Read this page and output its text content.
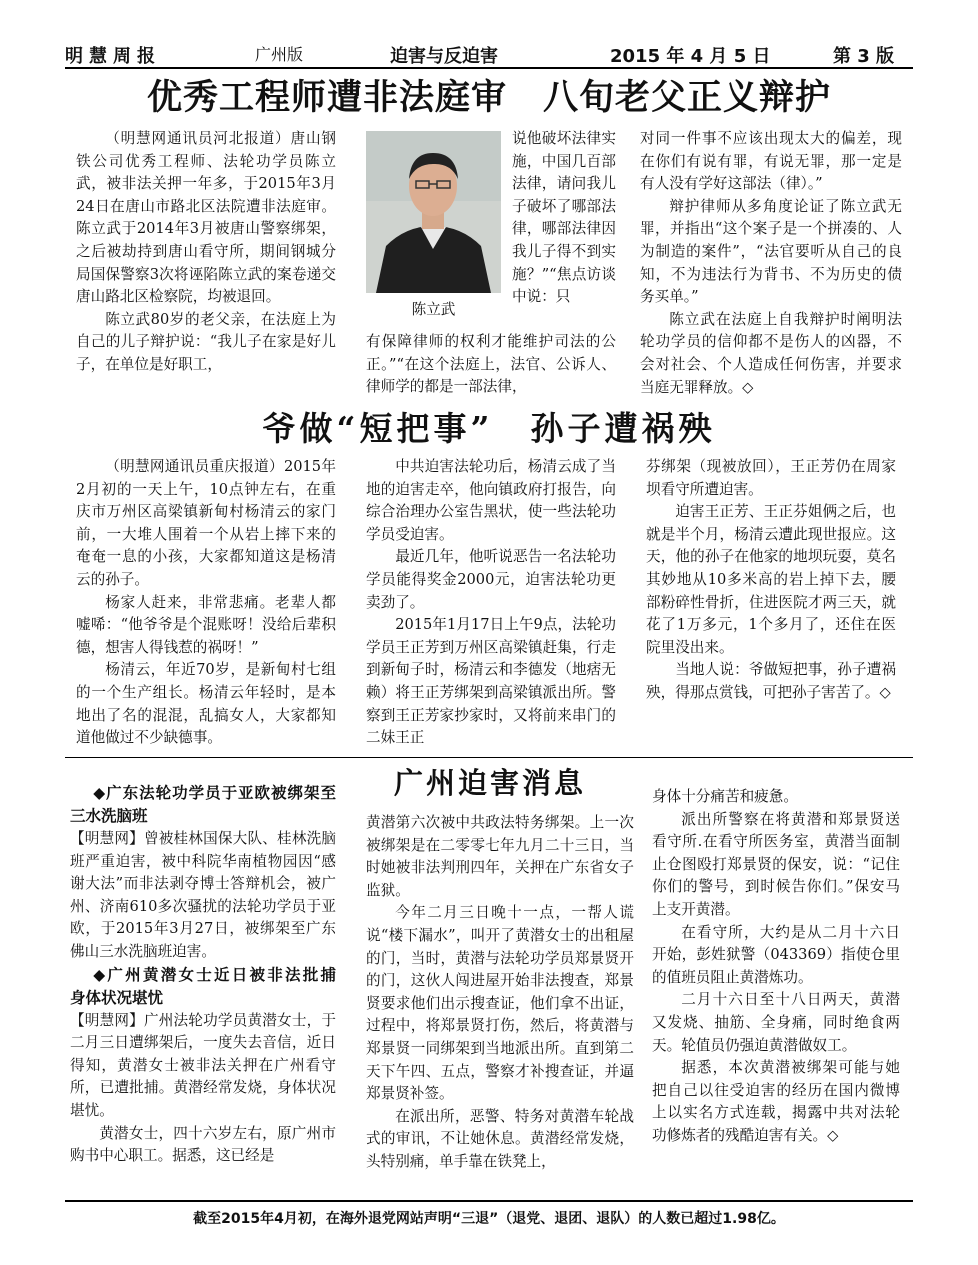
明慧周报	广州版	迫害与反迫害	2015 年 4 月 5 日	第 3 版
优秀工程师遭非法庭审　八旬老父正义辩护

（明慧网通讯员河北报道）唐山钢铁公司优秀工程师、法轮功学员陈立武，被非法关押一年多，于2015年3月24日在唐山市路北区法院遭非法庭审。陈立武于2014年3月被唐山警察绑架，之后被劫持到唐山看守所，期间钢城分局国保警察3次将诬陷陈立武的案卷递交唐山路北区检察院，均被退回。

陈立武80岁的老父亲，在法庭上为自己的儿子辩护说：“我儿子在家是好儿子，在单位是好职工，

陈立武

说他破坏法律实施，中国几百部法律，请问我儿子破坏了哪部法律，哪部法律因我儿子得不到实施？”“焦点访谈中说：只

有保障律师的权利才能维护司法的公正。”“在这个法庭上，法官、公诉人、律师学的都是一部法律，

对同一件事不应该出现太大的偏差，现在你们有说有罪，有说无罪，那一定是有人没有学好这部法（律）。”

辩护律师从多角度论证了陈立武无罪，并指出“这个案子是一个拼凑的、人为制造的案件”，“法官要听从自己的良知，不为违法行为背书、不为历史的债务买单。”

陈立武在法庭上自我辩护时阐明法轮功学员的信仰都不是伤人的凶器，不会对社会、个人造成任何伤害，并要求当庭无罪释放。◇

爷做“短把事”　孙子遭祸殃

（明慧网通讯员重庆报道）2015年2月初的一天上午，10点钟左右，在重庆市万州区高梁镇新甸村杨清云的家门前，一大堆人围着一个从岩上摔下来的奄奄一息的小孩，大家都知道这是杨清云的孙子。

杨家人赶来，非常悲痛。老辈人都嘘唏：“他爷爷是个混账呀！没给后辈积德，想害人得钱惹的祸呀！”

杨清云，年近70岁，是新甸村七组的一个生产组长。杨清云年轻时，是本地出了名的混混，乱搞女人，大家都知道他做过不少缺德事。

中共迫害法轮功后，杨清云成了当地的迫害走卒，他向镇政府打报告，向综合治理办公室告黑状，使一些法轮功学员受迫害。

最近几年，他听说恶告一名法轮功学员能得奖金2000元，迫害法轮功更卖劲了。

2015年1月17日上午9点，法轮功学员王正芳到万州区高梁镇赶集，行走到新甸子时，杨清云和李德发（地痞无赖）将王正芳绑架到高梁镇派出所。警察到王正芳家抄家时，又将前来串门的二妹王正

芬绑架（现被放回），王正芳仍在周家坝看守所遭迫害。

迫害王正芳、王正芬姐俩之后，也就是半个月，杨清云遭此现世报应。这天，他的孙子在他家的地坝玩耍，莫名其妙地从10多米高的岩上掉下去，腰部粉碎性骨折，住进医院才两三天，就花了1万多元，1个多月了，还住在医院里没出来。

当地人说：爷做短把事，孙子遭祸殃，得那点赏钱，可把孙子害苦了。◇

◆广东法轮功学员于亚欧被绑架至三水洗脑班

【明慧网】曾被桂林国保大队、桂林洗脑班严重迫害，被中科院华南植物园因“感谢大法”而非法剥夺博士答辩机会，被广州、济南610多次骚扰的法轮功学员于亚欧，于2015年3月27日，被绑架至广东佛山三水洗脑班迫害。

◆广州黄潜女士近日被非法批捕　身体状况堪忧

【明慧网】广州法轮功学员黄潜女士，于二月三日遭绑架后，一度失去音信，近日得知，黄潜女士被非法关押在广州看守所，已遭批捕。黄潜经常发烧，身体状况堪忧。

黄潜女士，四十六岁左右，原广州市购书中心职工。据悉，这已经是

广州迫害消息

黄潜第六次被中共政法特务绑架。上一次被绑架是在二零零七年九月二十三日，当时她被非法判刑四年，关押在广东省女子监狱。

今年二月三日晚十一点，一帮人谎说“楼下漏水”，叫开了黄潜女士的出租屋的门，当时，黄潜与法轮功学员郑景贤开的门，这伙人闯进屋开始非法搜查，郑景贤要求他们出示搜查证，他们拿不出证，过程中，将郑景贤打伤，然后，将黄潜与郑景贤一同绑架到当地派出所。直到第二天下午四、五点，警察才补搜查证，并逼郑景贤补签。

在派出所，恶警、特务对黄潜车轮战式的审讯，不让她休息。黄潜经常发烧，头特别痛，单手靠在铁凳上，

身体十分痛苦和疲惫。

派出所警察在将黄潜和郑景贤送看守所.在看守所医务室，黄潜当面制止仓图殴打郑景贤的保安，说：“记住你们的警号，到时候告你们。”保安马上支开黄潜。

在看守所，大约是从二月十六日开始，彭姓狱警（043369）指使仓里的值班员阻止黄潜炼功。

二月十六日至十八日两天，黄潜又发烧、抽筋、全身痛，同时绝食两天。轮值员仍强迫黄潜做奴工。

据悉，本次黄潜被绑架可能与她把自己以往受迫害的经历在国内微博上以实名方式连载，揭露中共对法轮功修炼者的残酷迫害有关。◇

截至2015年4月初，在海外退党网站声明“三退”（退党、退团、退队）的人数已超过1.98亿。
